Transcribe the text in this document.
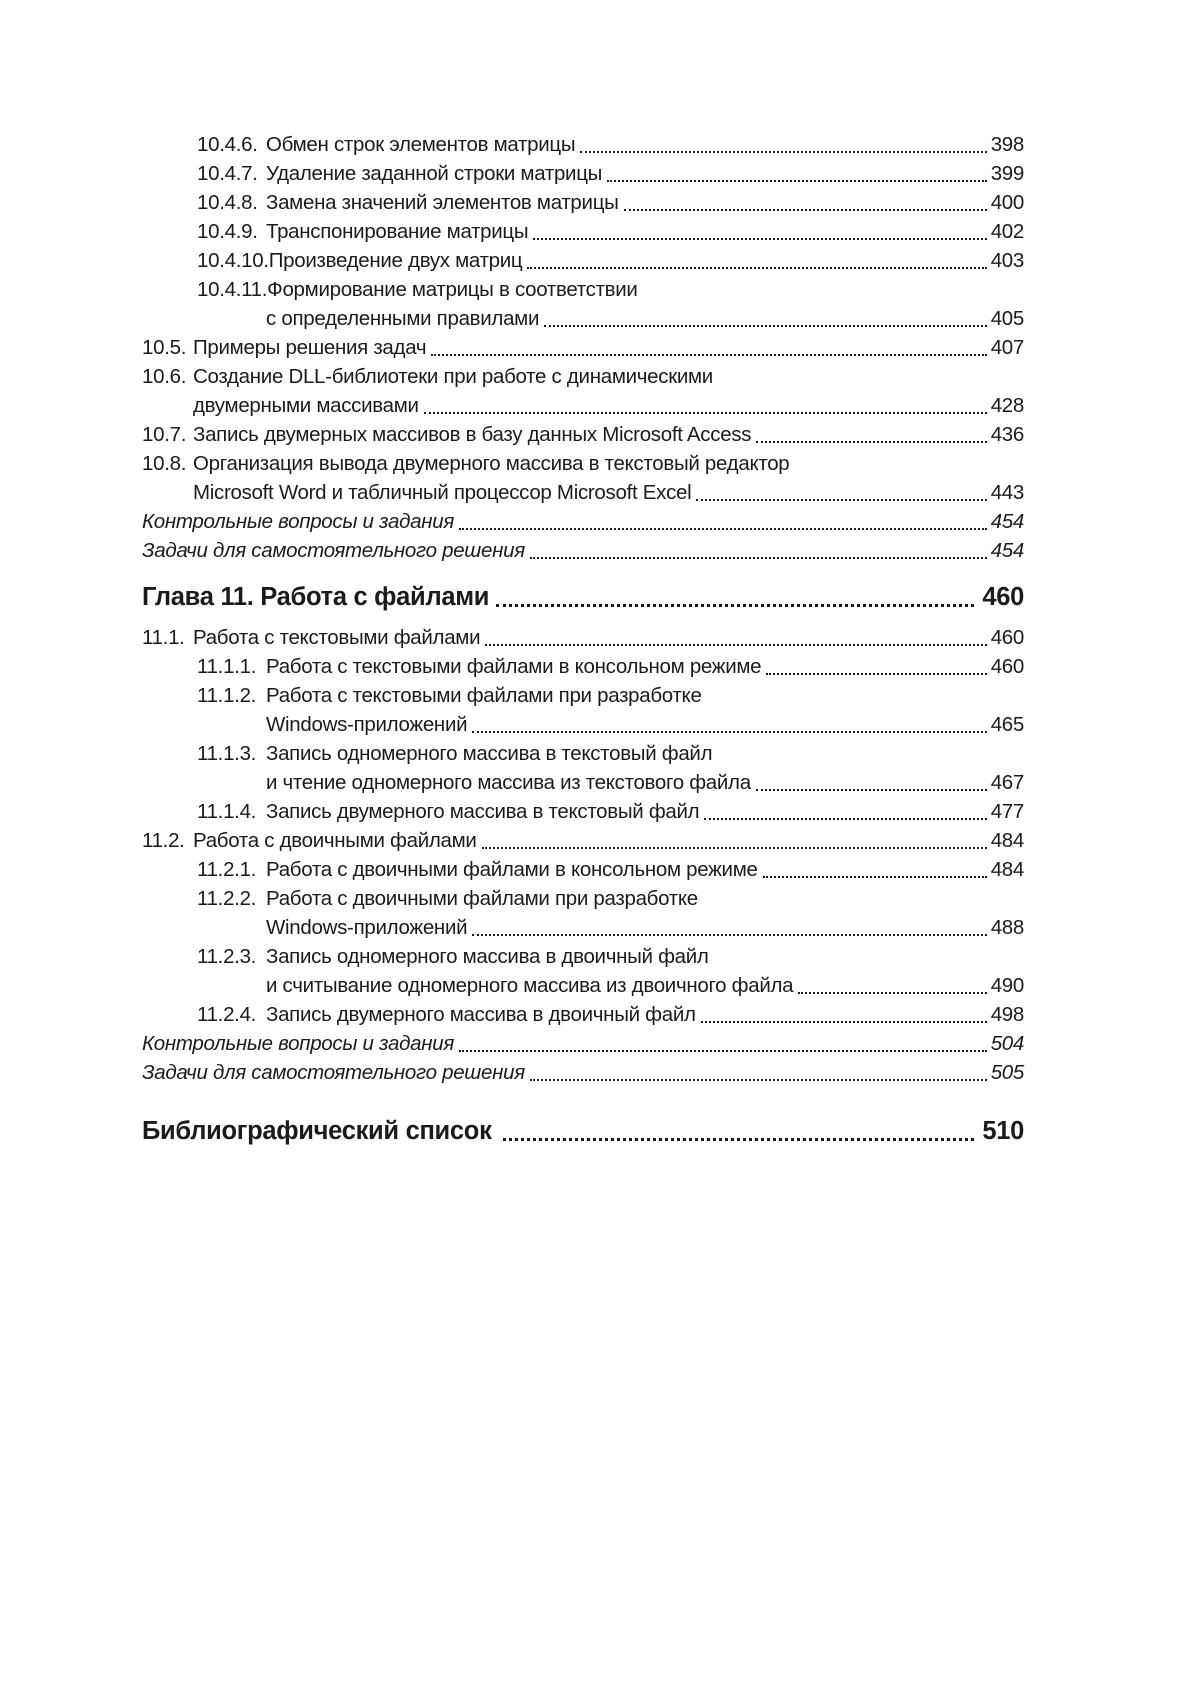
10.4.6. Обмен строк элементов матрицы	398
10.4.7. Удаление заданной строки матрицы	399
10.4.8. Замена значений элементов матрицы	400
10.4.9. Транспонирование матрицы	402
10.4.10. Произведение двух матриц	403
10.4.11. Формирование матрицы в соответствии
с определенными правилами	405
10.5. Примеры решения задач	407
10.6. Создание DLL-библиотеки при работе с динамическими
двумерными массивами	428
10.7. Запись двумерных массивов в базу данных Microsoft Access	436
10.8. Организация вывода двумерного массива в текстовый редактор
Microsoft Word и табличный процессор Microsoft Excel	443
Контрольные вопросы и задания	454
Задачи для самостоятельного решения	454
Глава 11. Работа с файлами	460
11.1. Работа с текстовыми файлами	460
11.1.1. Работа с текстовыми файлами в консольном режиме	460
11.1.2. Работа с текстовыми файлами при разработке
Windows-приложений	465
11.1.3. Запись одномерного массива в текстовый файл
и чтение одномерного массива из текстового файла	467
11.1.4. Запись двумерного массива в текстовый файл	477
11.2. Работа с двоичными файлами	484
11.2.1. Работа с двоичными файлами в консольном режиме	484
11.2.2. Работа с двоичными файлами при разработке
Windows-приложений	488
11.2.3. Запись одномерного массива в двоичный файл
и считывание одномерного массива из двоичного файла	490
11.2.4. Запись двумерного массива в двоичный файл	498
Контрольные вопросы и задания	504
Задачи для самостоятельного решения	505
Библиографический список	510
